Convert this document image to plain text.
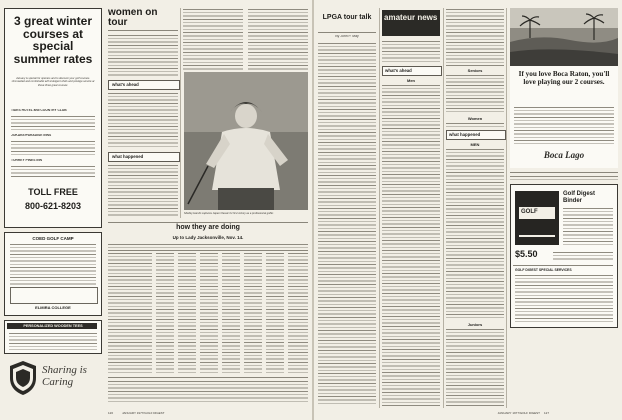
3 great winter courses at special summer rates
January is special for openers and to discover your golf courses. Uncrowded and comfortable with indulgent chefs and prestige service at these three great courses:
TIDES HOTEL and COUNTRY CLUB
JOKAKE/PARADISE INNS
TORREY PINES INN
TOLL FREE
800-621-8203
COED GOLF CAMP
ELMIRA COLLEGE
PERSONALIZED WOODEN TEES
Sharing is Caring
women on tour
what's ahead
what happened
Shelley Hamlin captures Japan Classic for first victory as a professional golfer.
how they are doing
Up to Lady Jacksonville, Nov. 14.
126	JANUARY 1977/GOLF DIGEST
LPGA tour talk
By John P. May
amateur news
what's ahead
Men
Seniors
Women
what happened
MEN
Juniors
If you love Boca Raton, you'll love playing our 2 courses.
Boca Lago
GOLF
Golf Digest Binder
$5.50
GOLF DIGEST SPECIAL SERVICES
JANUARY 1977/GOLF DIGEST 127
